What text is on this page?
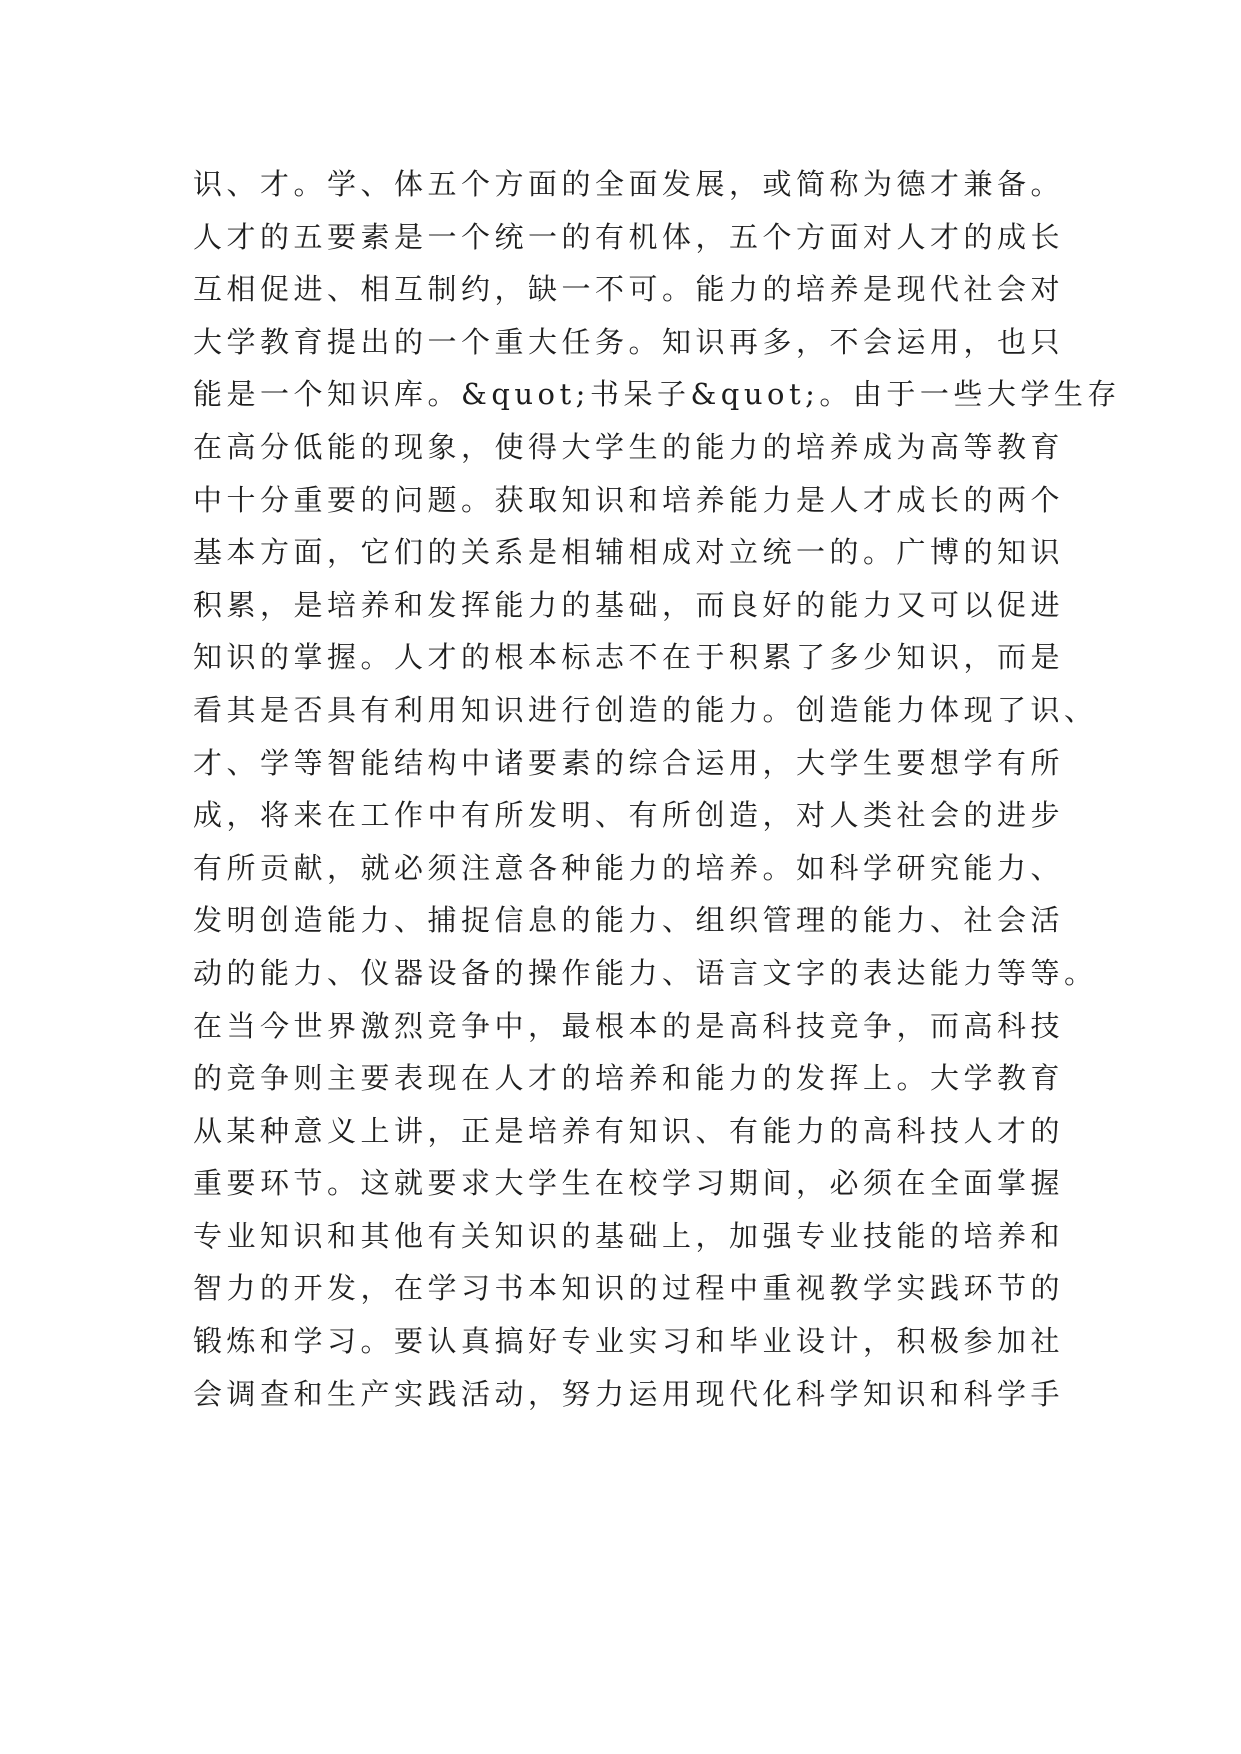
识、才。学、体五个方面的全面发展，或简称为德才兼备。
人才的五要素是一个统一的有机体，五个方面对人才的成长
互相促进、相互制约，缺一不可。能力的培养是现代社会对
大学教育提出的一个重大任务。知识再多，不会运用，也只
能是一个知识库。&quot;书呆子&quot;。由于一些大学生存
在高分低能的现象，使得大学生的能力的培养成为高等教育
中十分重要的问题。获取知识和培养能力是人才成长的两个
基本方面，它们的关系是相辅相成对立统一的。广博的知识
积累，是培养和发挥能力的基础，而良好的能力又可以促进
知识的掌握。人才的根本标志不在于积累了多少知识，而是
看其是否具有利用知识进行创造的能力。创造能力体现了识、
才、学等智能结构中诸要素的综合运用，大学生要想学有所
成，将来在工作中有所发明、有所创造，对人类社会的进步
有所贡献，就必须注意各种能力的培养。如科学研究能力、
发明创造能力、捕捉信息的能力、组织管理的能力、社会活
动的能力、仪器设备的操作能力、语言文字的表达能力等等。
在当今世界激烈竞争中，最根本的是高科技竞争，而高科技
的竞争则主要表现在人才的培养和能力的发挥上。大学教育
从某种意义上讲，正是培养有知识、有能力的高科技人才的
重要环节。这就要求大学生在校学习期间，必须在全面掌握
专业知识和其他有关知识的基础上，加强专业技能的培养和
智力的开发，在学习书本知识的过程中重视教学实践环节的
锻炼和学习。要认真搞好专业实习和毕业设计，积极参加社
会调查和生产实践活动，努力运用现代化科学知识和科学手
